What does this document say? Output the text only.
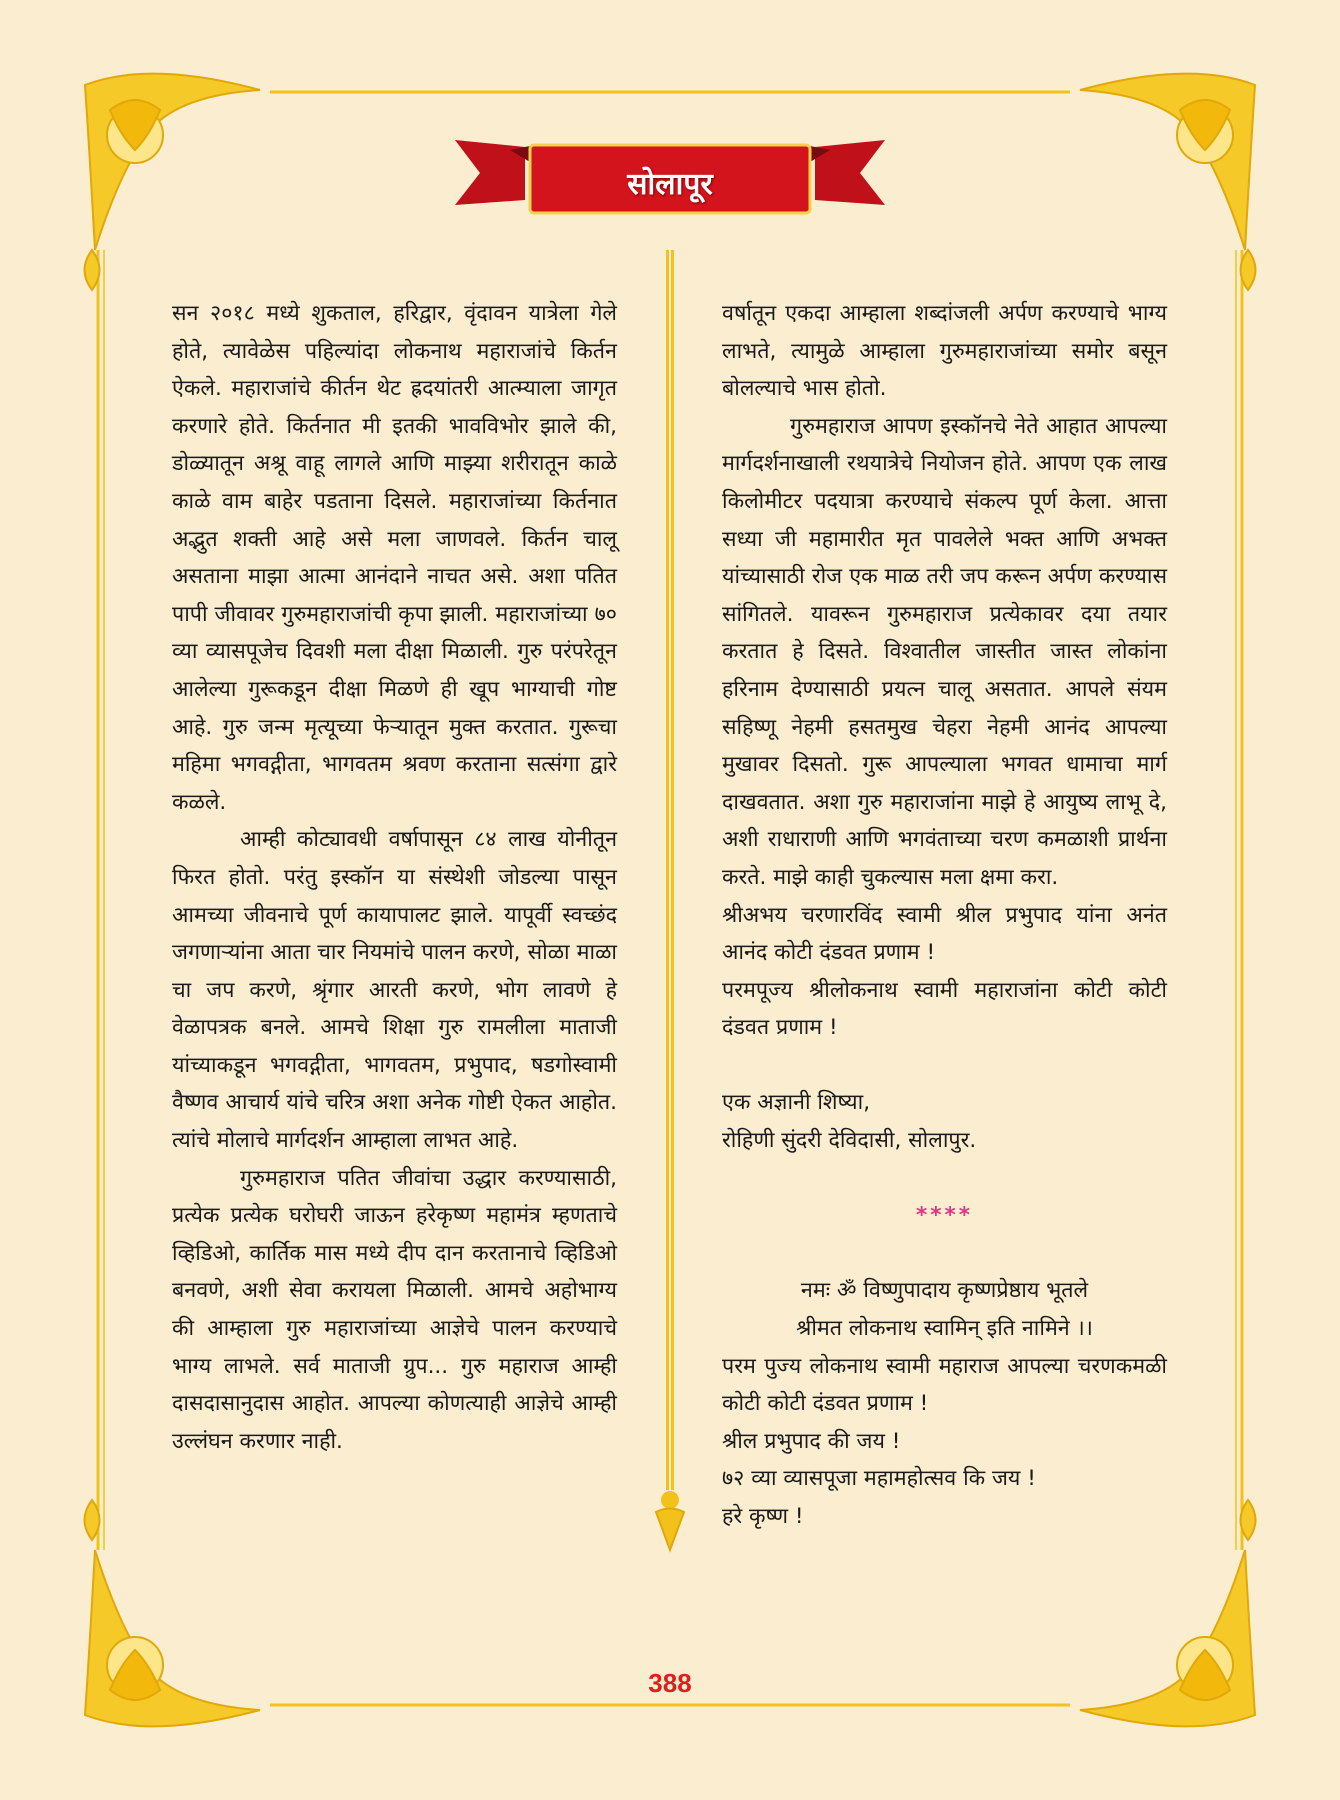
सोलापूर

सन २०१८ मध्ये शुकताल, हरिद्वार, वृंदावन यात्रेला गेले होते, त्यावेळेस पहिल्यांदा लोकनाथ महाराजांचे किर्तन ऐकले. महाराजांचे कीर्तन थेट ह्रदयांतरी आत्म्याला जागृत करणारे होते. किर्तनात मी इतकी भावविभोर झाले की, डोळ्यातून अश्रू वाहू लागले आणि माझ्या शरीरातून काळे काळे वाम बाहेर पडताना दिसले. महाराजांच्या किर्तनात अद्भुत शक्ती आहे असे मला जाणवले. किर्तन चालू असताना माझा आत्मा आनंदाने नाचत असे. अशा पतित पापी जीवावर गुरुमहाराजांची कृपा झाली. महाराजांच्या ७० व्या व्यासपूजेच दिवशी मला दीक्षा मिळाली. गुरु परंपरेतून आलेल्या गुरूकडून दीक्षा मिळणे ही खूप भाग्याची गोष्ट आहे. गुरु जन्म मृत्यूच्या फेऱ्यातून मुक्त करतात. गुरूचा महिमा भगवद्गीता, भागवतम श्रवण करताना सत्संगा द्वारे कळले.

आम्ही कोट्यावधी वर्षापासून ८४ लाख योनीतून फिरत होतो. परंतु इस्कॉन या संस्थेशी जोडल्या पासून आमच्या जीवनाचे पूर्ण कायापालट झाले. यापूर्वी स्वच्छंद जगणाऱ्यांना आता चार नियमांचे पालन करणे, सोळा माळा चा जप करणे, श्रृंगार आरती करणे, भोग लावणे हे वेळापत्रक बनले. आमचे शिक्षा गुरु रामलीला माताजी यांच्याकडून भगवद्गीता, भागवतम, प्रभुपाद, षडगोस्वामी वैष्णव आचार्य यांचे चरित्र अशा अनेक गोष्टी ऐकत आहोत. त्यांचे मोलाचे मार्गदर्शन आम्हाला लाभत आहे.

गुरुमहाराज पतित जीवांचा उद्धार करण्यासाठी, प्रत्येक प्रत्येक घरोघरी जाऊन हरेकृष्ण महामंत्र म्हणताचे व्हिडिओ, कार्तिक मास मध्ये दीप दान करतानाचे व्हिडिओ बनवणे, अशी सेवा करायला मिळाली. आमचे अहोभाग्य की आम्हाला गुरु महाराजांच्या आज्ञेचे पालन करण्याचे भाग्य लाभले. सर्व माताजी ग्रुप... गुरु महाराज आम्ही दासदासानुदास आहोत. आपल्या कोणत्याही आज्ञेचे आम्ही उल्लंघन करणार नाही.

वर्षातून एकदा आम्हाला शब्दांजली अर्पण करण्याचे भाग्य लाभते, त्यामुळे आम्हाला गुरुमहाराजांच्या समोर बसून बोलल्याचे भास होतो.

गुरुमहाराज आपण इस्कॉनचे नेते आहात आपल्या मार्गदर्शनाखाली रथयात्रेचे नियोजन होते. आपण एक लाख किलोमीटर पदयात्रा करण्याचे संकल्प पूर्ण केला. आत्ता सध्या जी महामारीत मृत पावलेले भक्त आणि अभक्त यांच्यासाठी रोज एक माळ तरी जप करून अर्पण करण्यास सांगितले. यावरून गुरुमहाराज प्रत्येकावर दया तयार करतात हे दिसते. विश्वातील जास्तीत जास्त लोकांना हरिनाम देण्यासाठी प्रयत्न चालू असतात. आपले संयम सहिष्णू नेहमी हसतमुख चेहरा नेहमी आनंद आपल्या मुखावर दिसतो. गुरू आपल्याला भगवत धामाचा मार्ग दाखवतात. अशा गुरु महाराजांना माझे हे आयुष्य लाभू दे, अशी राधाराणी आणि भगवंताच्या चरण कमळाशी प्रार्थना करते. माझे काही चुकल्यास मला क्षमा करा.

श्रीअभय चरणारविंद स्वामी श्रील प्रभुपाद यांना अनंत आनंद कोटी दंडवत प्रणाम !

परमपूज्य श्रीलोकनाथ स्वामी महाराजांना कोटी कोटी दंडवत प्रणाम !

एक अज्ञानी शिष्या,

रोहिणी सुंदरी देविदासी, सोलापुर.

****

नमः ॐ विष्णुपादाय कृष्णप्रेष्ठाय भूतले

श्रीमत लोकनाथ स्वामिन् इति नामिने ।।

परम पुज्य लोकनाथ स्वामी महाराज आपल्या चरणकमळी कोटी कोटी दंडवत प्रणाम !

श्रील प्रभुपाद की जय !

७२ व्या व्यासपूजा महामहोत्सव कि जय !

हरे कृष्ण !

388
